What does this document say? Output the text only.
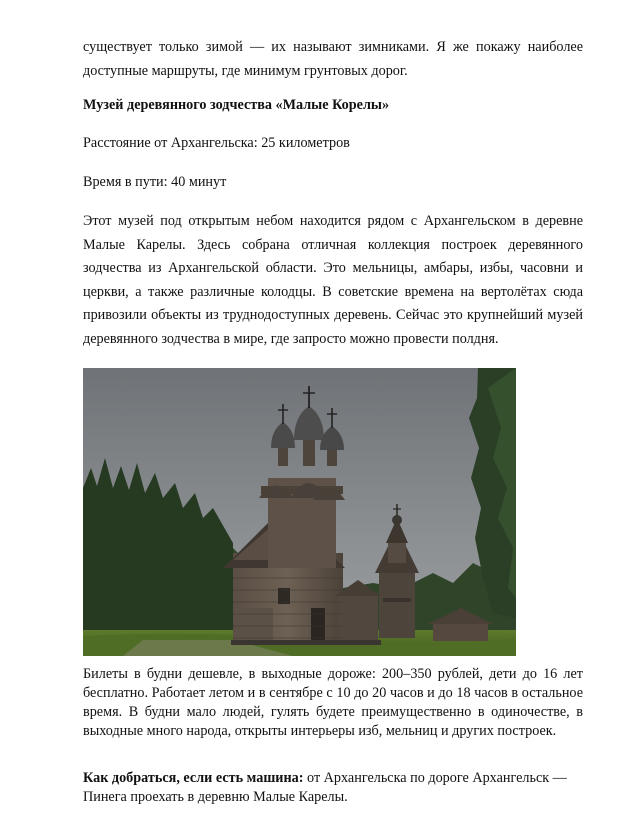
существует только зимой — их называют зимниками. Я же покажу наиболее доступные маршруты, где минимум грунтовых дорог.

Музей деревянного зодчества «Малые Корелы»

Расстояние от Архангельска: 25 километров

Время в пути: 40 минут

Этот музей под открытым небом находится рядом с Архангельском в деревне Малые Карелы. Здесь собрана отличная коллекция построек деревянного зодчества из Архангельской области. Это мельницы, амбары, избы, часовни и церкви, а также различные колодцы. В советские времена на вертолётах сюда привозили объекты из труднодоступных деревень. Сейчас это крупнейший музей деревянного зодчества в мире, где запросто можно провести полдня.

Билеты в будни дешевле, в выходные дороже: 200–350 рублей, дети до 16 лет бесплатно. Работает летом и в сентябре с 10 до 20 часов и до 18 часов в остальное время. В будни мало людей, гулять будете преимущественно в одиночестве, в выходные много народа, открыты интерьеры изб, мельниц и других построек.

Как добраться, если есть машина: от Архангельска по дороге Архангельск — Пинега проехать в деревню Малые Карелы.
